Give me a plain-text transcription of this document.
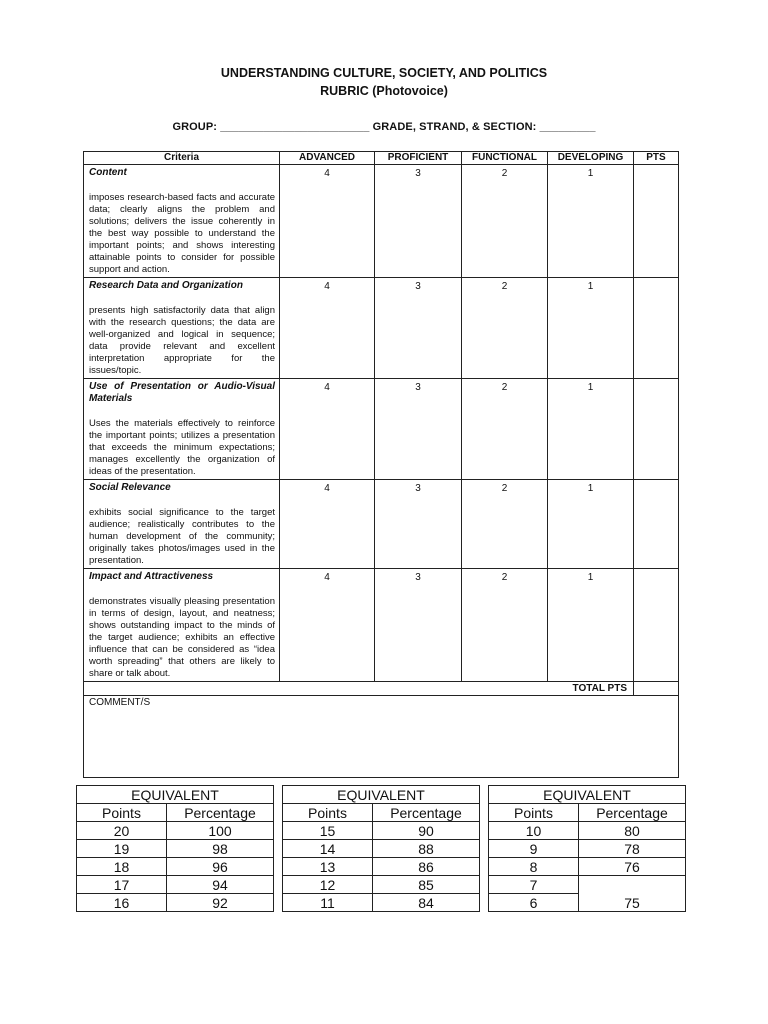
UNDERSTANDING CULTURE, SOCIETY, AND POLITICS
RUBRIC (Photovoice)
GROUP: ________________________ GRADE, STRAND, & SECTION: _________
Criteria	ADVANCED	PROFICIENT	FUNCTIONAL	DEVELOPING	PTS

Content
imposes research-based facts and accurate data; clearly aligns the problem and solutions; delivers the issue coherently in the best way possible to understand the important points; and shows interesting attainable points to consider for possible support and action.	4	3	2	1	

Research Data and Organization
presents high satisfactorily data that align with the research questions; the data are well-organized and logical in sequence; data provide relevant and excellent interpretation appropriate for the issues/topic.	4	3	2	1	

Use of Presentation or Audio-Visual Materials
Uses the materials effectively to reinforce the important points; utilizes a presentation that exceeds the minimum expectations; manages excellently the organization of ideas of the presentation.	4	3	2	1	

Social Relevance
exhibits social significance to the target audience; realistically contributes to the human development of the community; originally takes photos/images used in the presentation.	4	3	2	1	

Impact and Attractiveness
demonstrates visually pleasing presentation in terms of design, layout, and neatness; shows outstanding impact to the minds of the target audience; exhibits an effective influence that can be considered as “idea worth spreading” that others are likely to share or talk about.	4	3	2	1	
TOTAL PTS					
COMMENT/S					
EQUIVALENT	
Points	Percentage
20	100
19	98
18	96
17	94
16	92
EQUIVALENT	
Points	Percentage
15	90
14	88
13	86
12	85
11	84
EQUIVALENT	
Points	Percentage
10	80
9	78
8	76
7	75
6	
